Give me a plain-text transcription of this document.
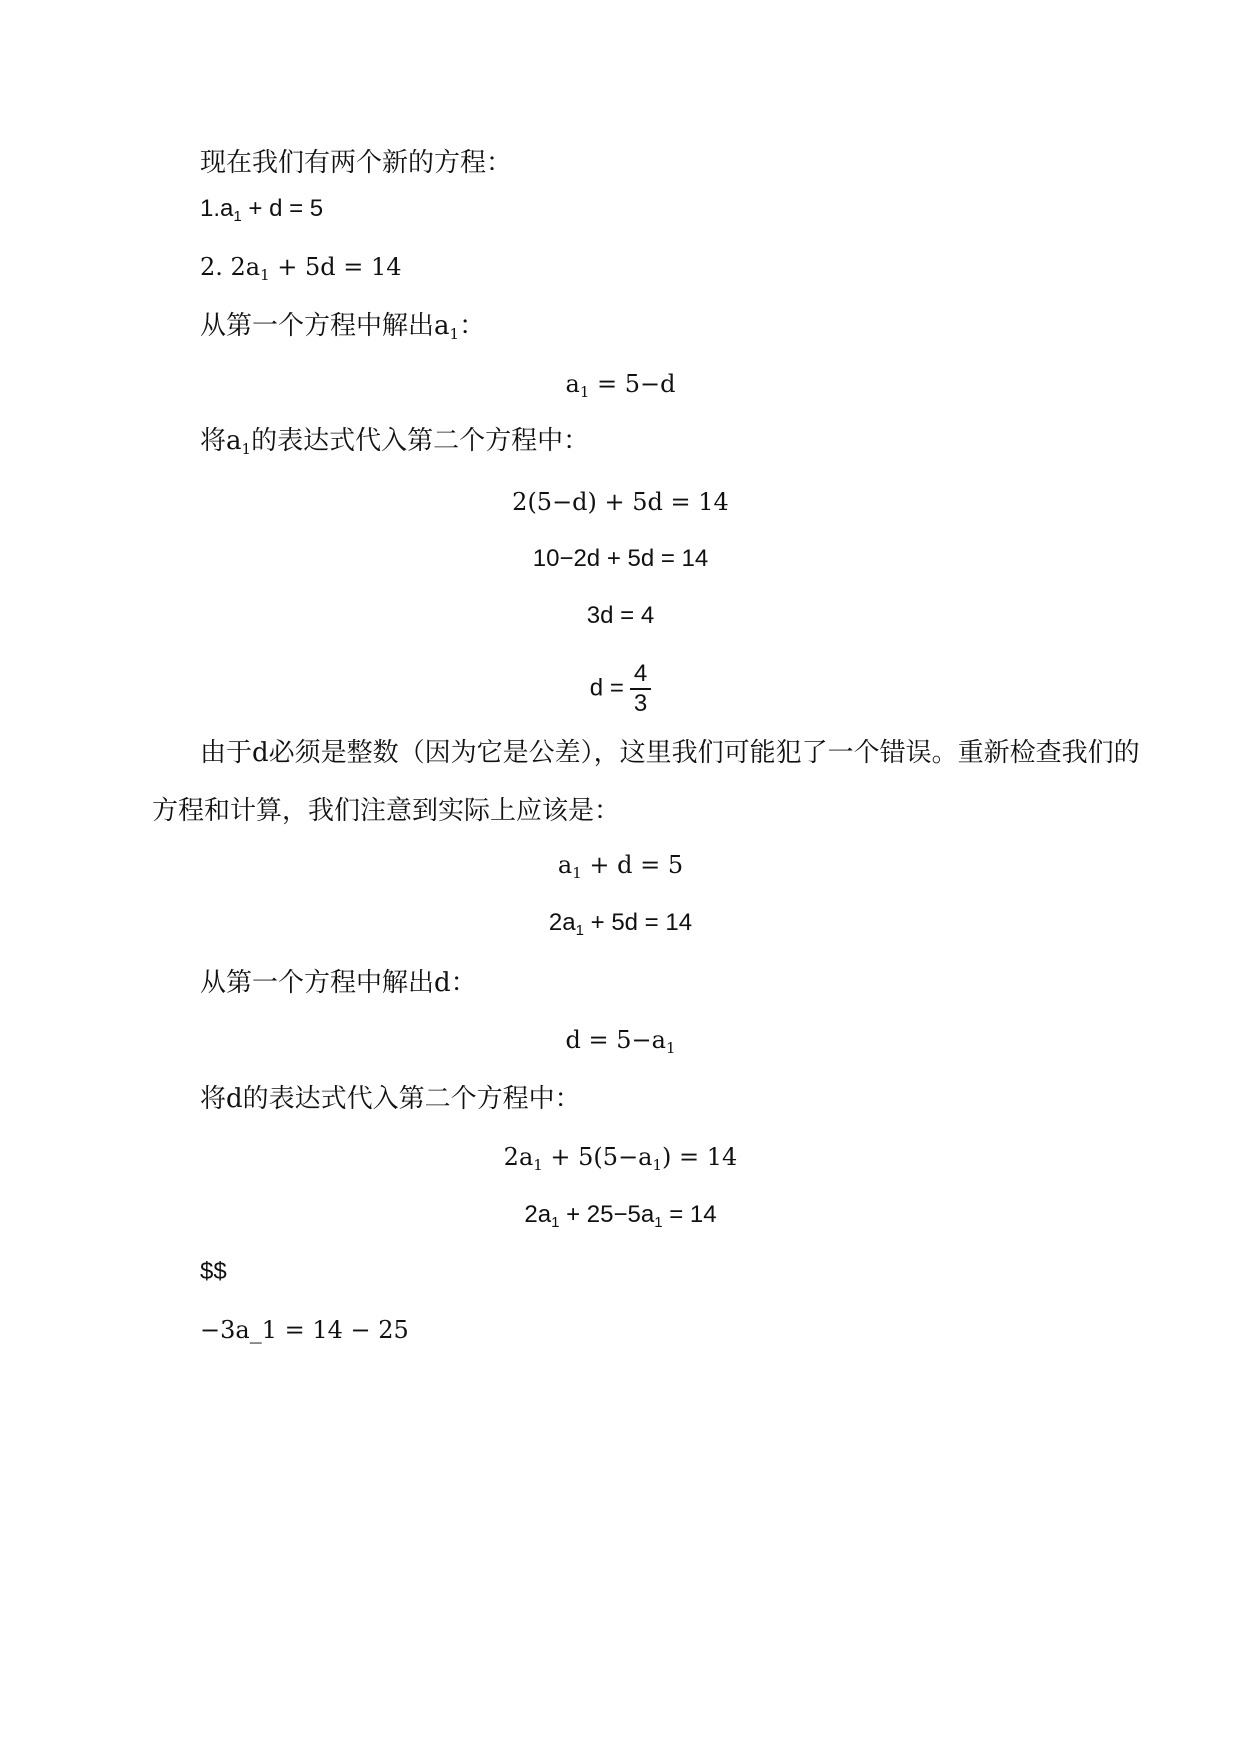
现在我们有两个新的方程：
$1.a_1 + d = 5$
2. $2a_1 + 5d = 14$
从第一个方程中解出$a_1$：
$a_1 = 5-d$
将$a_1$的表达式代入第二个方程中：
2(5−d) + 5d = 14
10−2d + 5d = 14
3d = 4
$d = \frac{4}{3}$
由于d必须是整数（因为它是公差），这里我们可能犯了一个错误。重新检查我们的
方程和计算，我们注意到实际上应该是：
$a_1 + d = 5$
$2a_1 + 5d = 14$
从第一个方程中解出d：
$d = 5-a_1$
将d的表达式代入第二个方程中：
$2a_1 + 5(5-a_1) = 14$
$2a_1 + 25-5a_1 = 14$
$$
−3a_1 = 14 − 25
